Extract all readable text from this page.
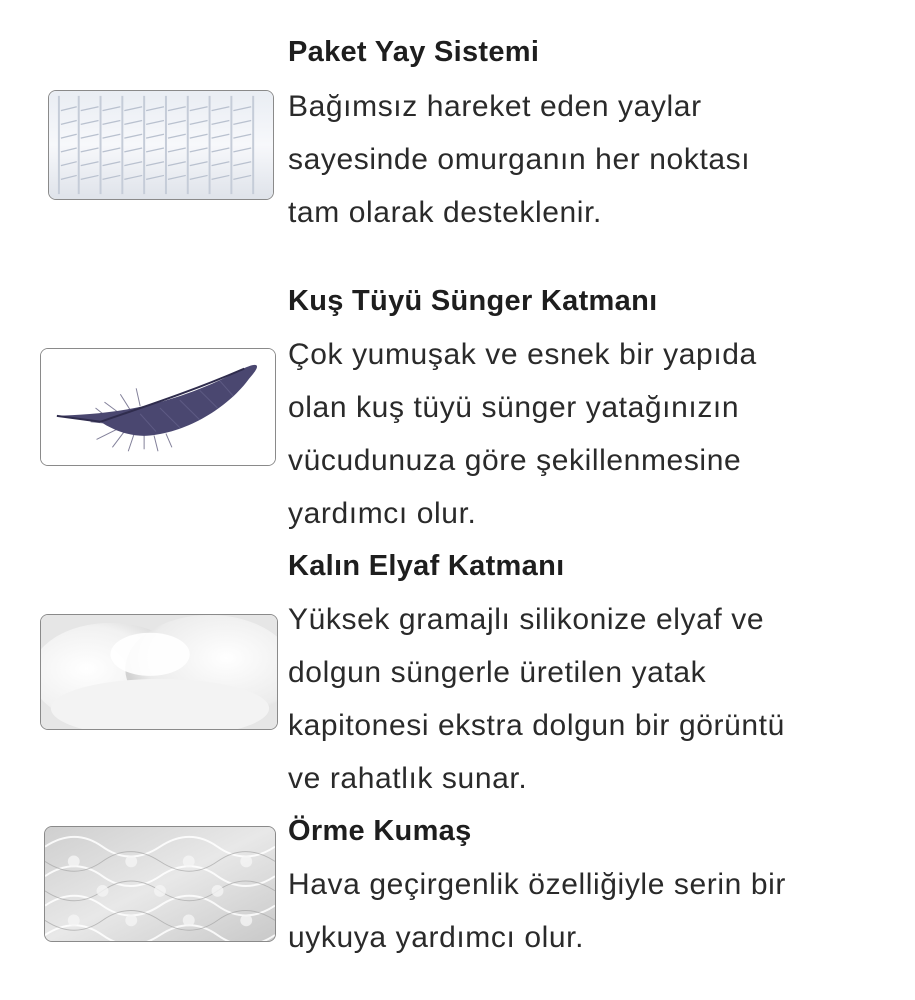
Paket Yay Sistemi
Bağımsız hareket eden yaylar
sayesinde omurganın her noktası
tam olarak desteklenir.
Kuş Tüyü Sünger Katmanı
Çok yumuşak ve esnek bir yapıda
olan kuş tüyü sünger yatağınızın
vücudunuza göre şekillenmesine
yardımcı olur.
Kalın Elyaf Katmanı
Yüksek gramajlı silikonize elyaf ve
dolgun süngerle üretilen yatak
kapitonesi ekstra dolgun bir görüntü
ve rahatlık sunar.
Örme Kumaş
Hava geçirgenlik özelliğiyle serin bir
uykuya yardımcı olur.
